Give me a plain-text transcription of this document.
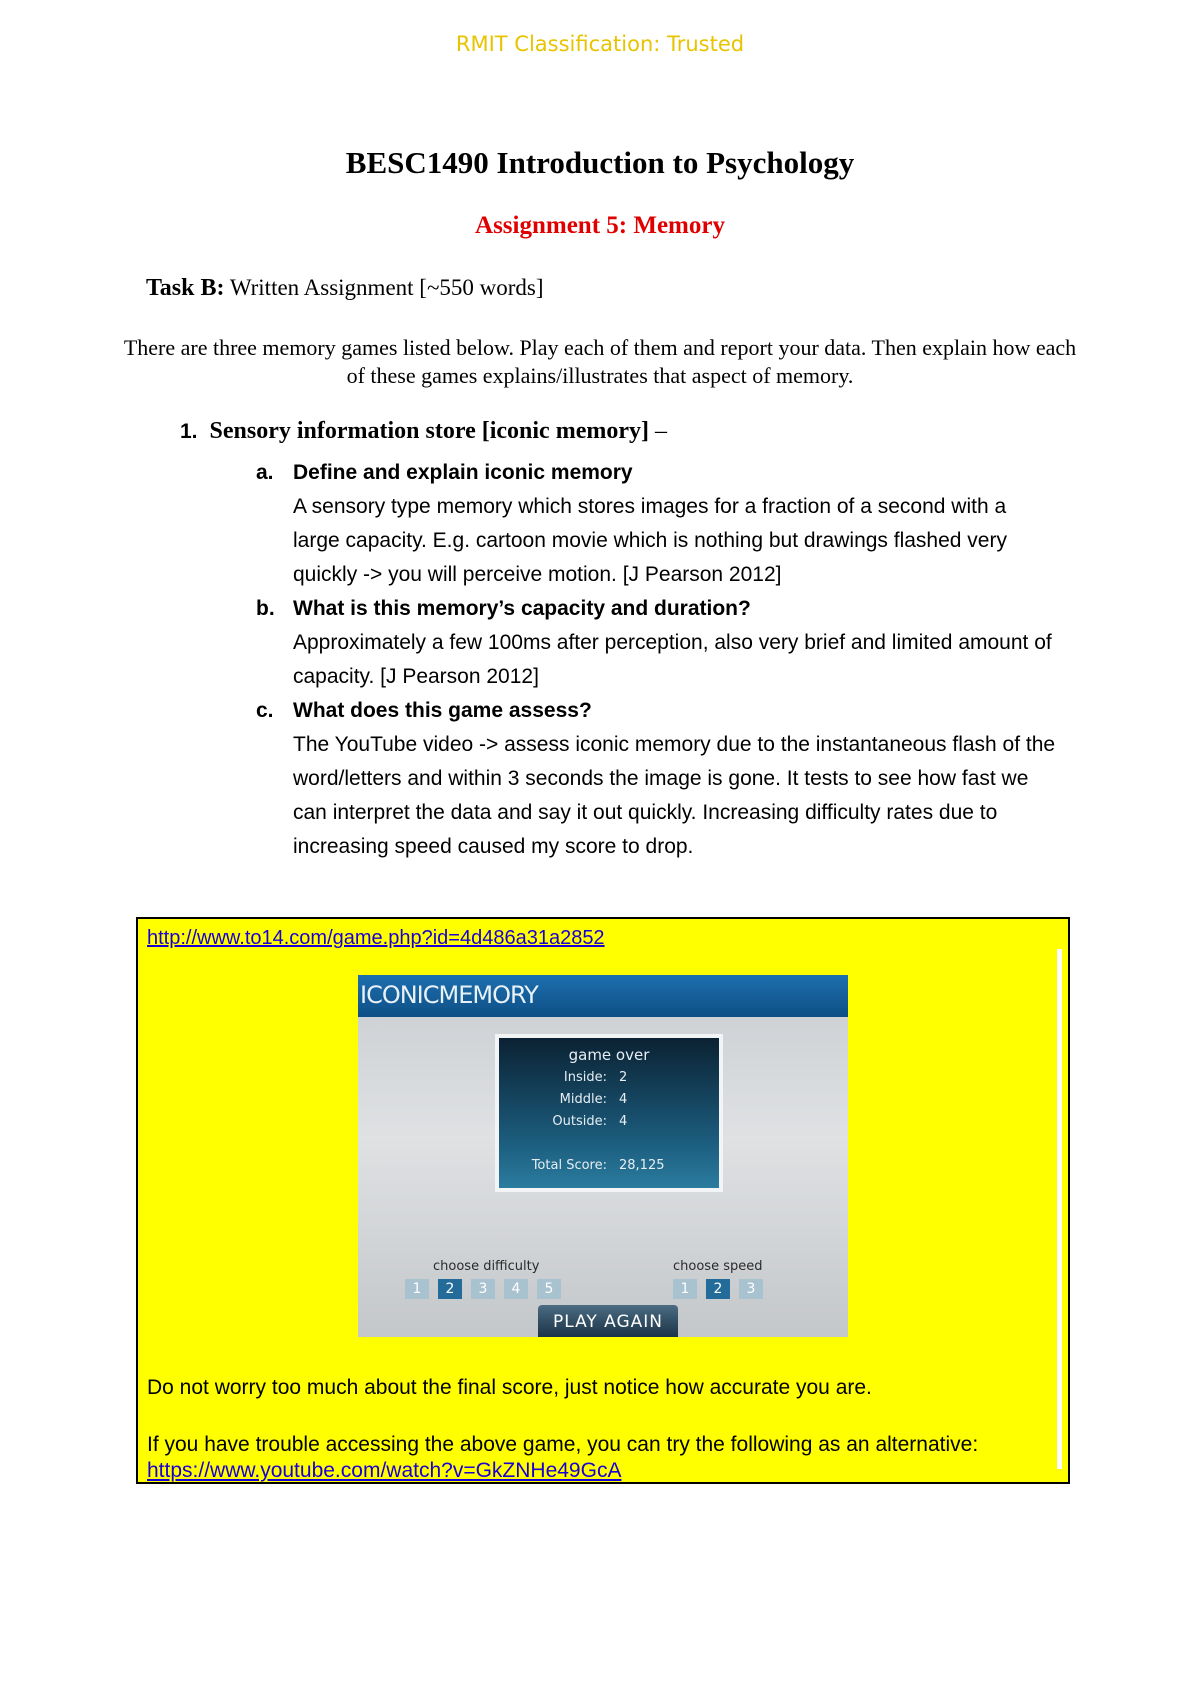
RMIT Classification: Trusted
BESC1490 Introduction to Psychology
Assignment 5: Memory
Task B: Written Assignment [~550 words]
There are three memory games listed below. Play each of them and report your data. Then explain how each of these games explains/illustrates that aspect of memory.
1. Sensory information store [iconic memory] –
a. Define and explain iconic memory
A sensory type memory which stores images for a fraction of a second with a large capacity. E.g. cartoon movie which is nothing but drawings flashed very quickly -> you will perceive motion. [J Pearson 2012]
b. What is this memory’s capacity and duration?
Approximately a few 100ms after perception, also very brief and limited amount of capacity. [J Pearson 2012]
c. What does this game assess?
The YouTube video -> assess iconic memory due to the instantaneous flash of the word/letters and within 3 seconds the image is gone. It tests to see how fast we can interpret the data and say it out quickly. Increasing difficulty rates due to increasing speed caused my score to drop.
http://www.to14.com/game.php?id=4d486a31a2852
ICONICMEMORY
game over
Inside: 2
Middle: 4
Outside: 4
Total Score: 28,125
choose difficulty	choose speed
1	2	3	4	5	1	2	3
PLAY AGAIN
Do not worry too much about the final score, just notice how accurate you are.
If you have trouble accessing the above game, you can try the following as an alternative:
https://www.youtube.com/watch?v=GkZNHe49GcA
